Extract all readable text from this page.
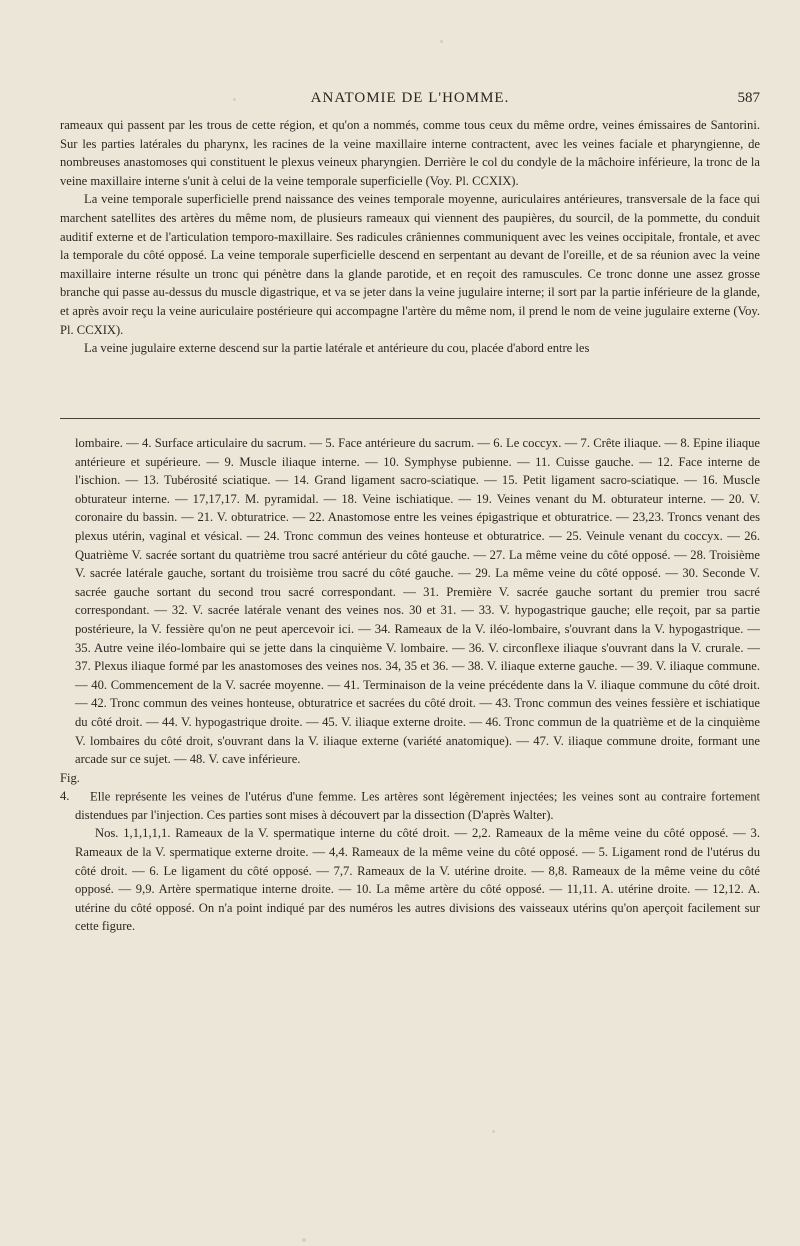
ANATOMIE DE L'HOMME.	587

rameaux qui passent par les trous de cette région, et qu'on a nommés, comme tous ceux du même ordre, veines émissaires de Santorini. Sur les parties latérales du pharynx, les racines de la veine maxillaire interne contractent, avec les veines faciale et pharyngienne, de nombreuses anastomoses qui constituent le plexus veineux pharyngien. Derrière le col du condyle de la mâchoire inférieure, la tronc de la veine maxillaire interne s'unit à celui de la veine temporale superficielle (Voy. Pl. CCXIX).

La veine temporale superficielle prend naissance des veines temporale moyenne, auriculaires antérieures, transversale de la face qui marchent satellites des artères du même nom, de plusieurs rameaux qui viennent des paupières, du sourcil, de la pommette, du conduit auditif externe et de l'articulation temporo-maxillaire. Ses radicules crâniennes communiquent avec les veines occipitale, frontale, et avec la temporale du côté opposé. La veine temporale superficielle descend en serpentant au devant de l'oreille, et de sa réunion avec la veine maxillaire interne résulte un tronc qui pénètre dans la glande parotide, et en reçoit des ramuscules. Ce tronc donne une assez grosse branche qui passe au-dessus du muscle digastrique, et va se jeter dans la veine jugulaire interne; il sort par la partie inférieure de la glande, et après avoir reçu la veine auriculaire postérieure qui accompagne l'artère du même nom, il prend le nom de veine jugulaire externe (Voy. Pl. CCXIX).

La veine jugulaire externe descend sur la partie latérale et antérieure du cou, placée d'abord entre les

lombaire. — 4. Surface articulaire du sacrum. — 5. Face antérieure du sacrum. — 6. Le coccyx. — 7. Crête iliaque. — 8. Epine iliaque antérieure et supérieure. — 9. Muscle iliaque interne. — 10. Symphyse pubienne. — 11. Cuisse gauche. — 12. Face interne de l'ischion. — 13. Tubérosité sciatique. — 14. Grand ligament sacro-sciatique. — 15. Petit ligament sacro-sciatique. — 16. Muscle obturateur interne. — 17,17,17. M. pyramidal. — 18. Veine ischiatique. — 19. Veines venant du M. obturateur interne. — 20. V. coronaire du bassin. — 21. V. obturatrice. — 22. Anastomose entre les veines épigastrique et obturatrice. — 23,23. Troncs venant des plexus utérin, vaginal et vésical. — 24. Tronc commun des veines honteuse et obturatrice. — 25. Veinule venant du coccyx. — 26. Quatrième V. sacrée sortant du quatrième trou sacré antérieur du côté gauche. — 27. La même veine du côté opposé. — 28. Troisième V. sacrée latérale gauche, sortant du troisième trou sacré du côté gauche. — 29. La même veine du côté opposé. — 30. Seconde V. sacrée gauche sortant du second trou sacré correspondant. — 31. Première V. sacrée gauche sortant du premier trou sacré correspondant. — 32. V. sacrée latérale venant des veines nos. 30 et 31. — 33. V. hypogastrique gauche; elle reçoit, par sa partie postérieure, la V. fessière qu'on ne peut apercevoir ici. — 34. Rameaux de la V. iléo-lombaire, s'ouvrant dans la V. hypogastrique. — 35. Autre veine iléo-lombaire qui se jette dans la cinquième V. lombaire. — 36. V. circonflexe iliaque s'ouvrant dans la V. crurale. — 37. Plexus iliaque formé par les anastomoses des veines nos. 34, 35 et 36. — 38. V. iliaque externe gauche. — 39. V. iliaque commune. — 40. Commencement de la V. sacrée moyenne. — 41. Terminaison de la veine précédente dans la V. iliaque commune du côté droit. — 42. Tronc commun des veines honteuse, obturatrice et sacrées du côté droit. — 43. Tronc commun des veines fessière et ischiatique du côté droit. — 44. V. hypogastrique droite. — 45. V. iliaque externe droite. — 46. Tronc commun de la quatrième et de la cinquième V. lombaires du côté droit, s'ouvrant dans la V. iliaque externe (variété anatomique). — 47. V. iliaque commune droite, formant une arcade sur ce sujet. — 48. V. cave inférieure.

Fig. 4. Elle représente les veines de l'utérus d'une femme. Les artères sont légèrement injectées; les veines sont au contraire fortement distendues par l'injection. Ces parties sont mises à découvert par la dissection (D'après Walter).

Nos. 1,1,1,1,1. Rameaux de la V. spermatique interne du côté droit. — 2,2. Rameaux de la même veine du côté opposé. — 3. Rameaux de la V. spermatique externe droite. — 4,4. Rameaux de la même veine du côté opposé. — 5. Ligament rond de l'utérus du côté droit. — 6. Le ligament du côté opposé. — 7,7. Rameaux de la V. utérine droite. — 8,8. Rameaux de la même veine du côté opposé. — 9,9. Artère spermatique interne droite. — 10. La même artère du côté opposé. — 11,11. A. utérine droite. — 12,12. A. utérine du côté opposé. On n'a point indiqué par des numéros les autres divisions des vaisseaux utérins qu'on aperçoit facilement sur cette figure.
